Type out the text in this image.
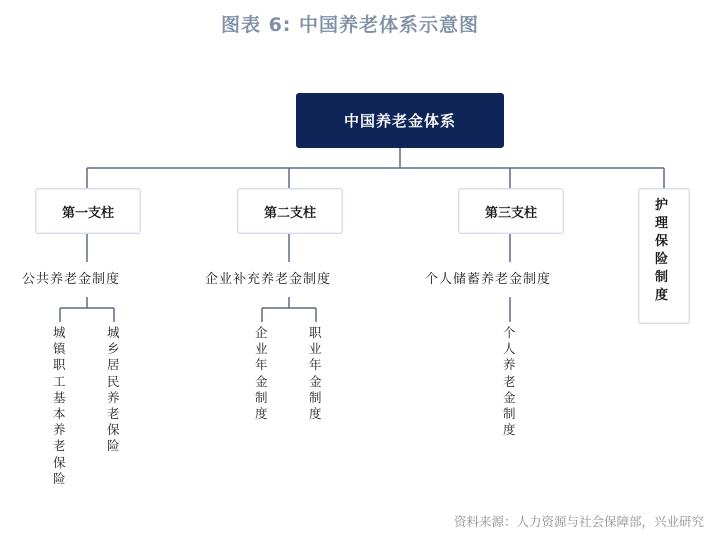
图表 6: 中国养老体系示意图
中国养老金体系
第一支柱	第二支柱	第三支柱	护理保险制度
公共养老金制度	企业补充养老金制度	个人储蓄养老金制度
城镇职工基本养老保险
城乡居民养老保险
企业年金制度
职业年金制度
个人养老金制度
资料来源：人力资源与社会保障部，兴业研究
